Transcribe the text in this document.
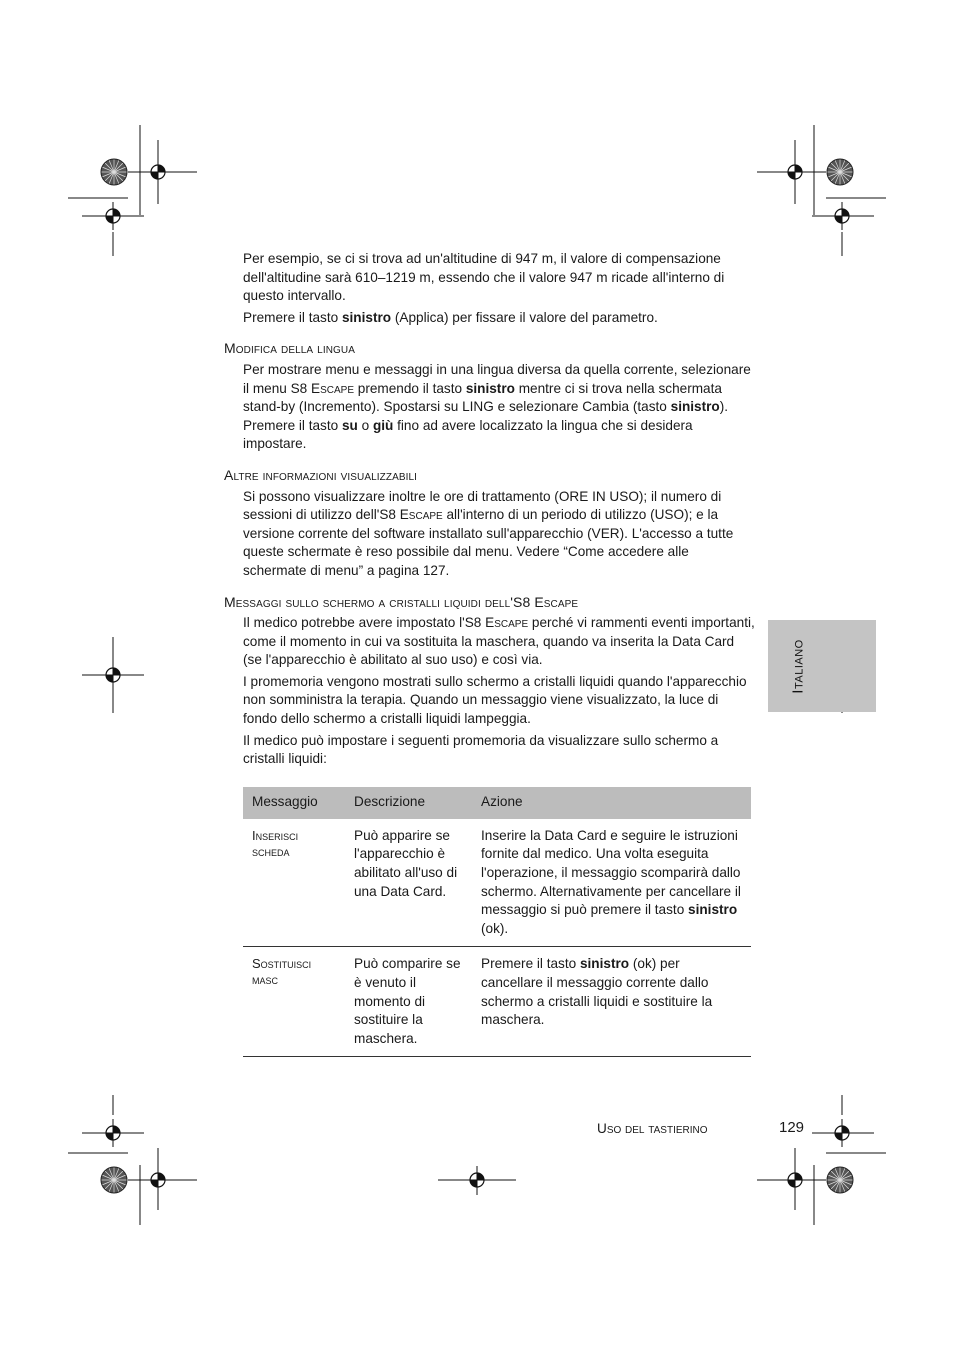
Italiano

Per esempio, se ci si trova ad un'altitudine di 947 m, il valore di compensazione dell'altitudine sarà 610–1219 m, essendo che il valore 947 m ricade all'interno di questo intervallo.

Premere il tasto sinistro (Applica) per fissare il valore del parametro.

Modifica della lingua

Per mostrare menu e messaggi in una lingua diversa da quella corrente, selezionare il menu S8 Escape premendo il tasto sinistro mentre ci si trova nella schermata stand-by (Incremento). Spostarsi su LING e selezionare Cambia (tasto sinistro). Premere il tasto su o giù fino ad avere localizzato la lingua che si desidera impostare.

Altre informazioni visualizzabili

Si possono visualizzare inoltre le ore di trattamento (ORE IN USO); il numero di sessioni di utilizzo dell'S8 Escape all'interno di un periodo di utilizzo (USO); e la versione corrente del software installato sull'apparecchio (VER). L'accesso a tutte queste schermate è reso possibile dal menu. Vedere “Come accedere alle schermate di menu” a pagina 127.

Messaggi sullo schermo a cristalli liquidi dell'S8 Escape

Il medico potrebbe avere impostato l'S8 Escape perché vi rammenti eventi importanti, come il momento in cui va sostituita la maschera, quando va inserita la Data Card (se l'apparecchio è abilitato al suo uso) e così via.

I promemoria vengono mostrati sullo schermo a cristalli liquidi quando l'apparecchio non somministra la terapia. Quando un messaggio viene visualizzato, la luce di fondo dello schermo a cristalli liquidi lampeggia.

Il medico può impostare i seguenti promemoria da visualizzare sullo schermo a cristalli liquidi:

Messaggio	Descrizione	Azione
Inserisci scheda	Può apparire se l'apparecchio è abilitato all'uso di una Data Card.	Inserire la Data Card e seguire le istruzioni fornite dal medico. Una volta eseguita l'operazione, il messaggio scomparirà dallo schermo. Alternativamente per cancellare il messaggio si può premere il tasto sinistro (ok).
Sostituisci masc	Può comparire se è venuto il momento di sostituire la maschera.	Premere il tasto sinistro (ok) per cancellare il messaggio corrente dallo schermo a cristalli liquidi e sostituire la maschera.
Uso del tastierino	129
